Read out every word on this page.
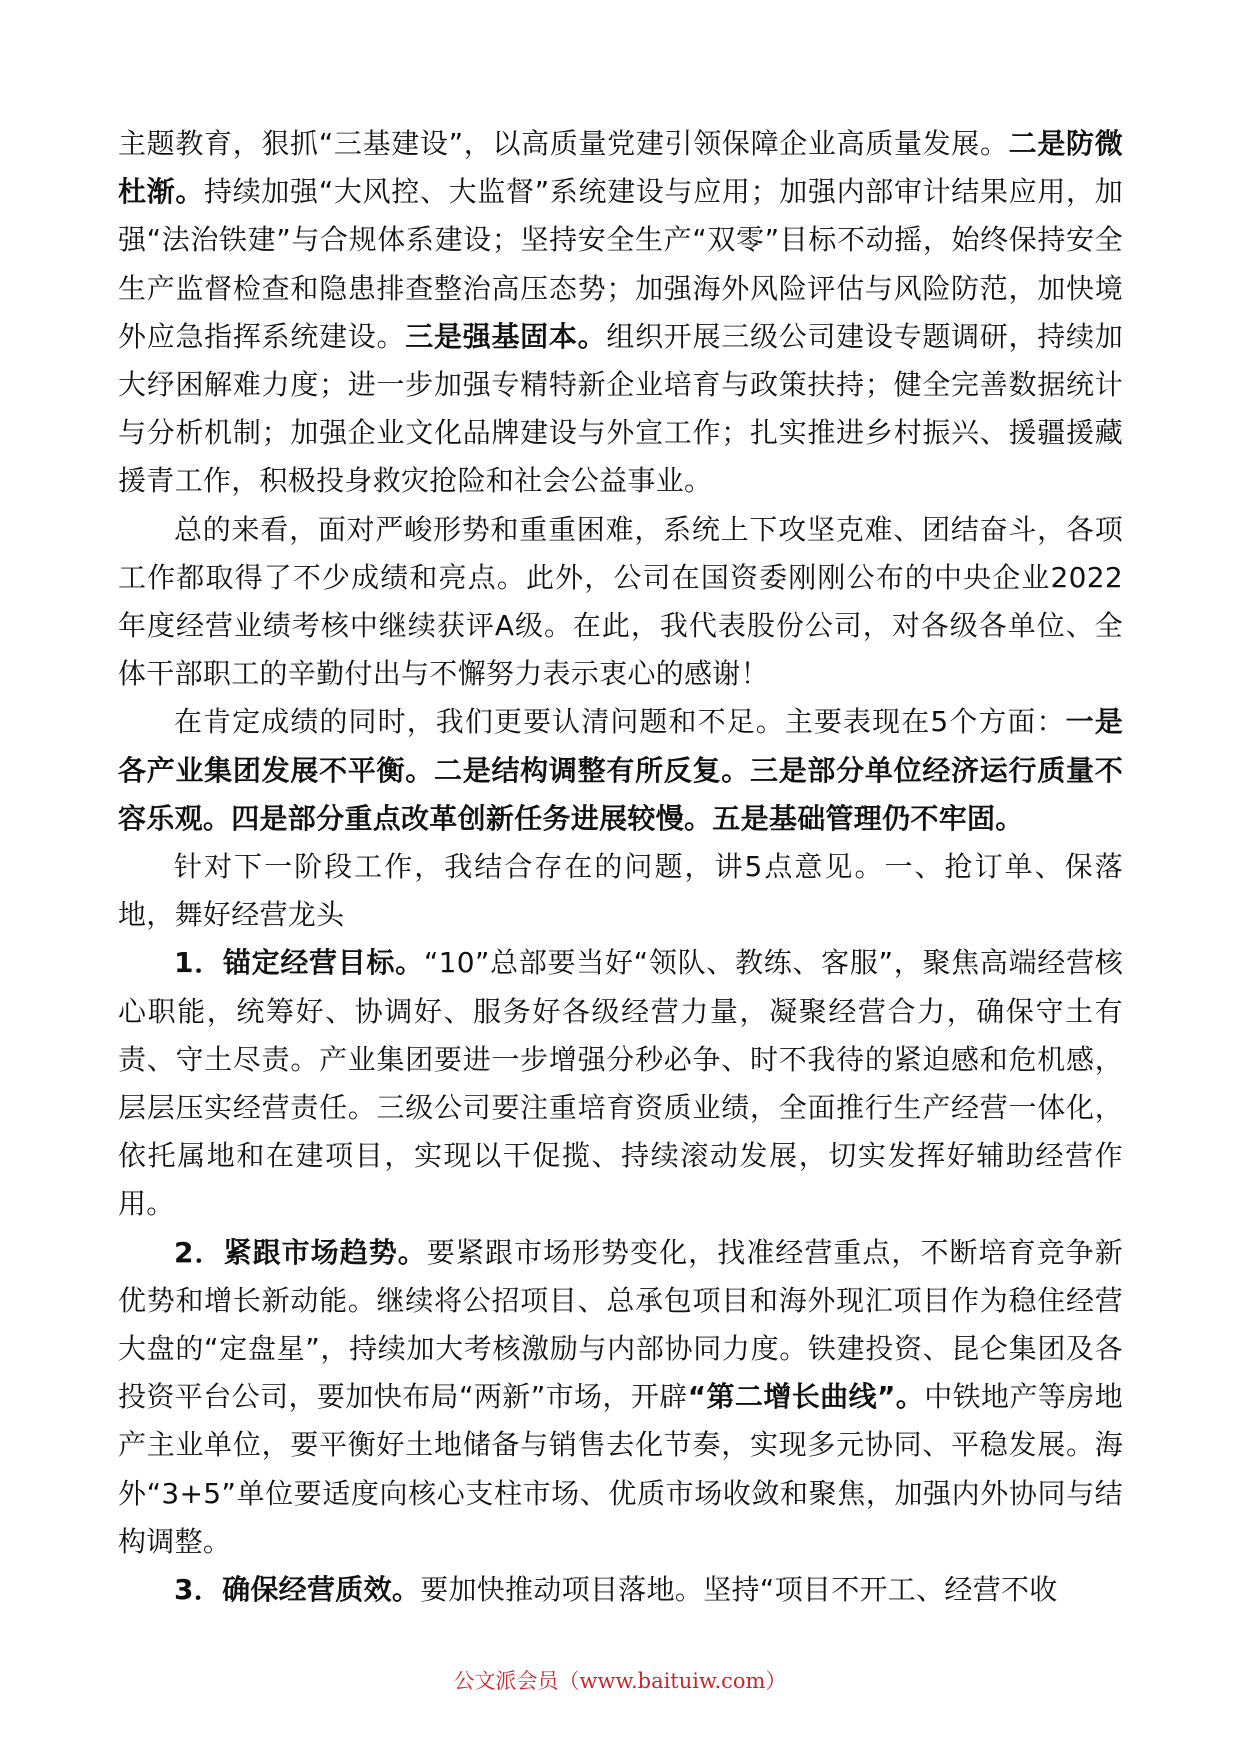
主题教育，狠抓“三基建设”，以高质量党建引领保障企业高质量发展。二是防微杜渐。持续加强“大风控、大监督”系统建设与应用；加强内部审计结果应用，加强“法治铁建”与合规体系建设；坚持安全生产“双零”目标不动摇，始终保持安全生产监督检查和隐患排查整治高压态势；加强海外风险评估与风险防范，加快境外应急指挥系统建设。三是强基固本。组织开展三级公司建设专题调研，持续加大纾困解难力度；进一步加强专精特新企业培育与政策扶持；健全完善数据统计与分析机制；加强企业文化品牌建设与外宣工作；扎实推进乡村振兴、援疆援藏援青工作，积极投身救灾抢险和社会公益事业。

总的来看，面对严峻形势和重重困难，系统上下攻坚克难、团结奋斗，各项工作都取得了不少成绩和亮点。此外，公司在国资委刚刚公布的中央企业2022年度经营业绩考核中继续获评A级。在此，我代表股份公司，对各级各单位、全体干部职工的辛勤付出与不懈努力表示衷心的感谢！

在肯定成绩的同时，我们更要认清问题和不足。主要表现在5个方面：一是各产业集团发展不平衡。二是结构调整有所反复。三是部分单位经济运行质量不容乐观。四是部分重点改革创新任务进展较慢。五是基础管理仍不牢固。

针对下一阶段工作，我结合存在的问题，讲5点意见。一、抢订单、保落地，舞好经营龙头

1．锚定经营目标。“10”总部要当好“领队、教练、客服”，聚焦高端经营核心职能，统筹好、协调好、服务好各级经营力量，凝聚经营合力，确保守土有责、守土尽责。产业集团要进一步增强分秒必争、时不我待的紧迫感和危机感，层层压实经营责任。三级公司要注重培育资质业绩，全面推行生产经营一体化，依托属地和在建项目，实现以干促揽、持续滚动发展，切实发挥好辅助经营作用。

2．紧跟市场趋势。要紧跟市场形势变化，找准经营重点，不断培育竞争新优势和增长新动能。继续将公招项目、总承包项目和海外现汇项目作为稳住经营大盘的“定盘星”，持续加大考核激励与内部协同力度。铁建投资、昆仑集团及各投资平台公司，要加快布局“两新”市场，开辟“第二增长曲线”。中铁地产等房地产主业单位，要平衡好土地储备与销售去化节奏，实现多元协同、平稳发展。海外“3+5”单位要适度向核心支柱市场、优质市场收敛和聚焦，加强内外协同与结构调整。

3．确保经营质效。要加快推动项目落地。坚持“项目不开工、经营不收

公文派会员（www.baituiw.com）
